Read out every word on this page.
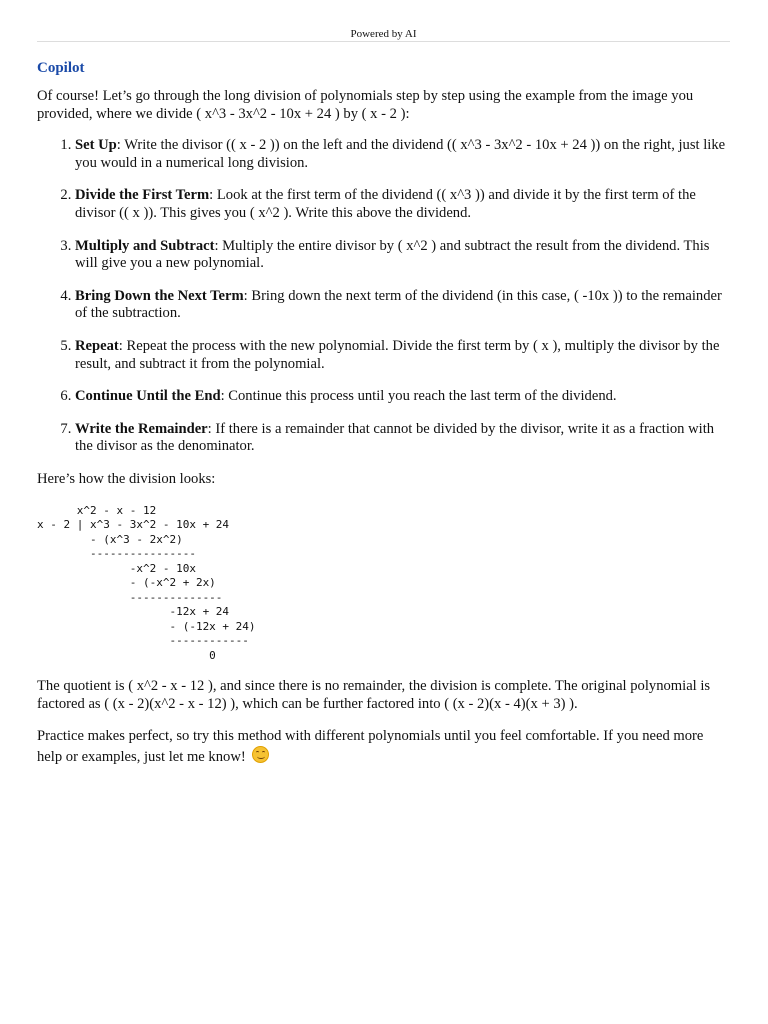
Powered by AI
Copilot

Of course! Let’s go through the long division of polynomials step by step using the example from the image you provided, where we divide ( x^3 - 3x^2 - 10x + 24 ) by ( x - 2 ):

1. Set Up: Write the divisor (( x - 2 )) on the left and the dividend (( x^3 - 3x^2 - 10x + 24 )) on the right, just like you would in a numerical long division.
2. Divide the First Term: Look at the first term of the dividend (( x^3 )) and divide it by the first term of the divisor (( x )). This gives you ( x^2 ). Write this above the dividend.
3. Multiply and Subtract: Multiply the entire divisor by ( x^2 ) and subtract the result from the dividend. This will give you a new polynomial.
4. Bring Down the Next Term: Bring down the next term of the dividend (in this case, ( -10x )) to the remainder of the subtraction.
5. Repeat: Repeat the process with the new polynomial. Divide the first term by ( x ), multiply the divisor by the result, and subtract it from the polynomial.
6. Continue Until the End: Continue this process until you reach the last term of the dividend.
7. Write the Remainder: If there is a remainder that cannot be divided by the divisor, write it as a fraction with the divisor as the denominator.

Here’s how the division looks:

x^2 - x - 12
x - 2 | x^3 - 3x^2 - 10x + 24
- (x^3 - 2x^2)
----------------
-x^2 - 10x
- (-x^2 + 2x)
--------------
-12x + 24
- (-12x + 24)
------------
0

The quotient is ( x^2 - x - 12 ), and since there is no remainder, the division is complete. The original polynomial is factored as ( (x - 2)(x^2 - x - 12) ), which can be further factored into ( (x - 2)(x - 4)(x + 3) ).

Practice makes perfect, so try this method with different polynomials until you feel comfortable. If you need more help or examples, just let me know!
